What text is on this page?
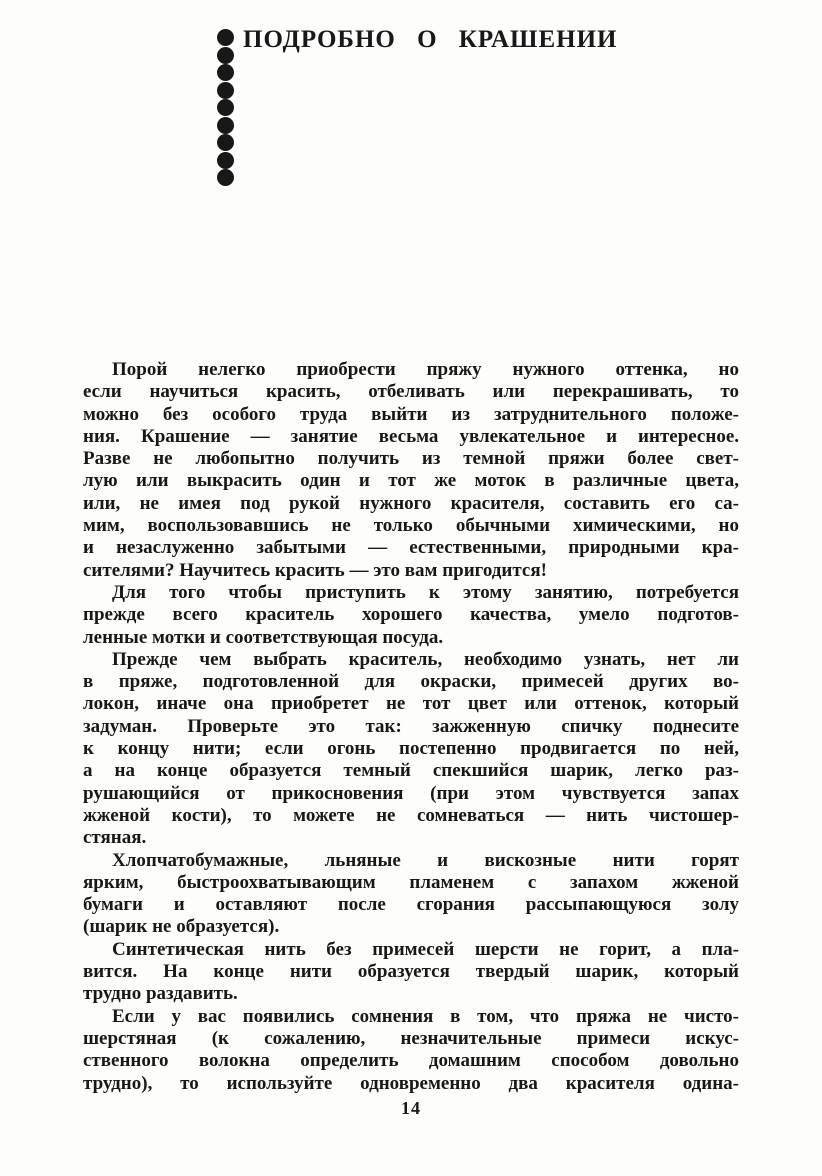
ПОДРОБНО О КРАШЕНИИ
Порой нелегко приобрести пряжу нужного оттенка, но
если научиться красить, отбеливать или перекрашивать, то
можно без особого труда выйти из затруднительного положе-
ния. Крашение — занятие весьма увлекательное и интересное.
Разве не любопытно получить из темной пряжи более свет-
лую или выкрасить один и тот же моток в различные цвета,
или, не имея под рукой нужного красителя, составить его са-
мим, воспользовавшись не только обычными химическими, но
и незаслуженно забытыми — естественными, природными кра-
сителями? Научитесь красить — это вам пригодится!
Для того чтобы приступить к этому занятию, потребуется
прежде всего краситель хорошего качества, умело подготов-
ленные мотки и соответствующая посуда.
Прежде чем выбрать краситель, необходимо узнать, нет ли
в пряже, подготовленной для окраски, примесей других во-
локон, иначе она приобретет не тот цвет или оттенок, который
задуман. Проверьте это так: зажженную спичку поднесите
к концу нити; если огонь постепенно продвигается по ней,
а на конце образуется темный спекшийся шарик, легко раз-
рушающийся от прикосновения (при этом чувствуется запах
жженой кости), то можете не сомневаться — нить чистошер-
стяная.
Хлопчатобумажные, льняные и вискозные нити горят
ярким, быстроохватывающим пламенем с запахом жженой
бумаги и оставляют после сгорания рассыпающуюся золу
(шарик не образуется).
Синтетическая нить без примесей шерсти не горит, а пла-
вится. На конце нити образуется твердый шарик, который
трудно раздавить.
Если у вас появились сомнения в том, что пряжа не чисто-
шерстяная (к сожалению, незначительные примеси искус-
ственного волокна определить домашним способом довольно
трудно), то используйте одновременно два красителя одина-
14
